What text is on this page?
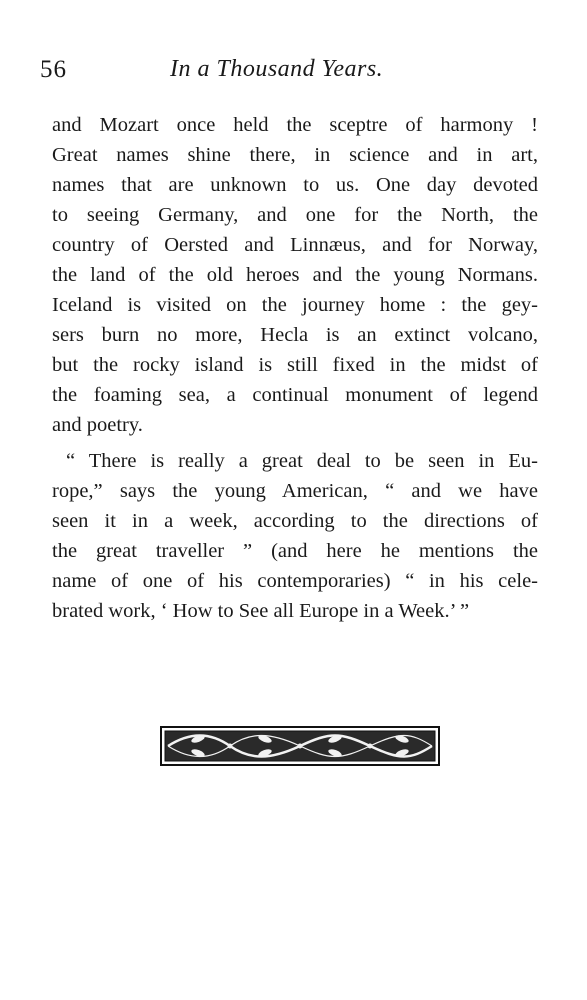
56	In a Thousand Years.
and Mozart once held the sceptre of harmony !
Great names shine there, in science and in art,
names that are unknown to us. One day devoted
to seeing Germany, and one for the North, the
country of Oersted and Linnæus, and for Norway,
the land of the old heroes and the young Normans.
Iceland is visited on the journey home : the gey-
sers burn no more, Hecla is an extinct volcano,
but the rocky island is still fixed in the midst of
the foaming sea, a continual monument of legend
and poetry.
“ There is really a great deal to be seen in Eu-
rope,” says the young American, “ and we have
seen it in a week, according to the directions of
the great traveller ” (and here he mentions the
name of one of his contemporaries) “ in his cele-
brated work, ‘ How to See all Europe in a Week.’ ”
